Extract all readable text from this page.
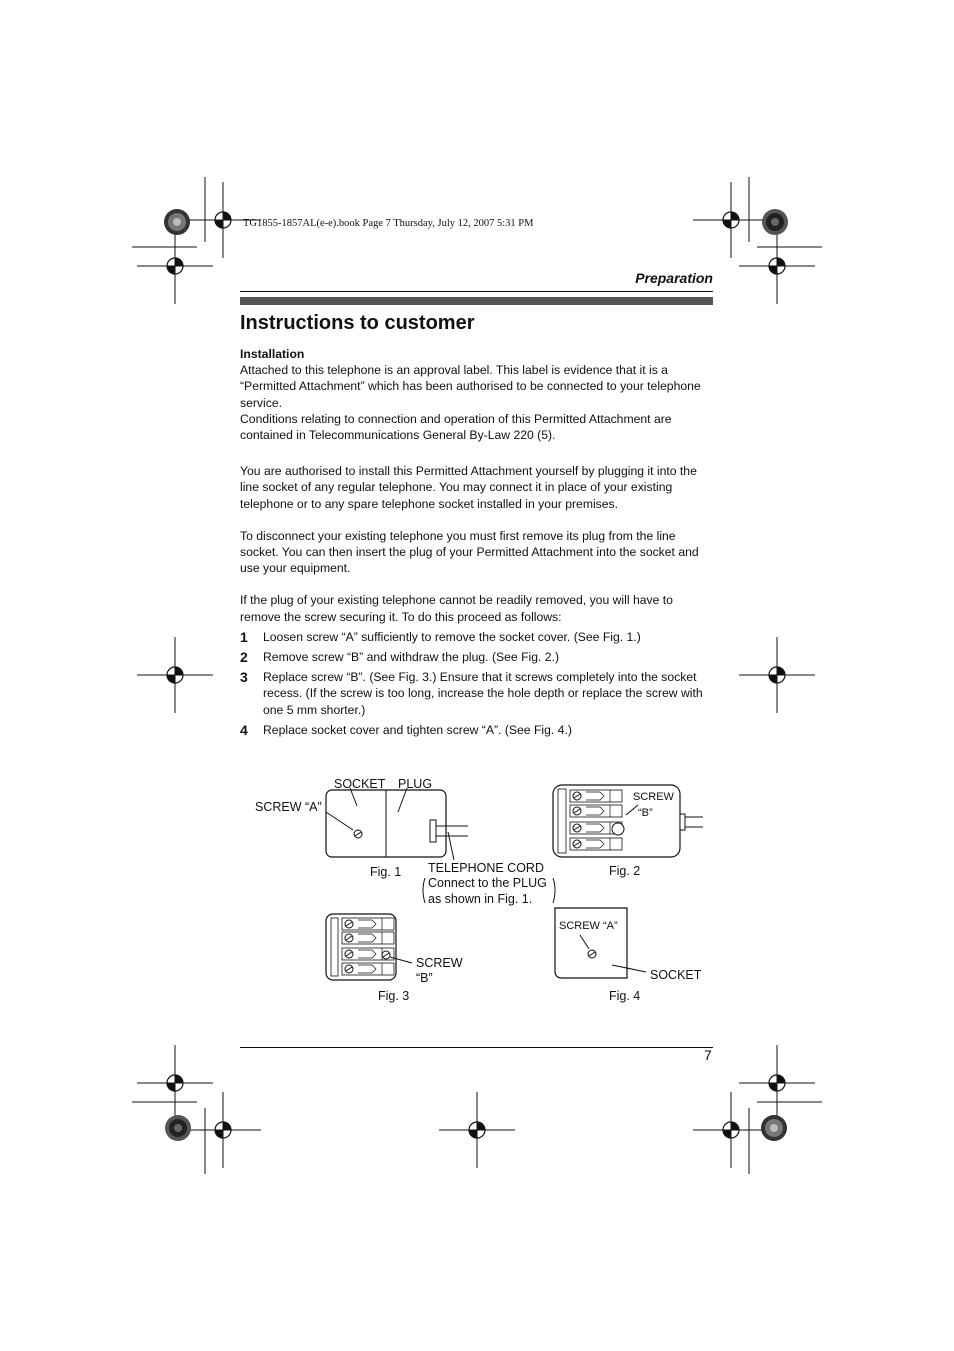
TG1855-1857AL(e-e).book Page 7 Thursday, July 12, 2007 5:31 PM
Preparation
Instructions to customer

Installation

Attached to this telephone is an approval label. This label is evidence that it is a “Permitted Attachment” which has been authorised to be connected to your telephone service.

Conditions relating to connection and operation of this Permitted Attachment are contained in Telecommunications General By-Law 220 (5).

You are authorised to install this Permitted Attachment yourself by plugging it into the line socket of any regular telephone. You may connect it in place of your existing telephone or to any spare telephone socket installed in your premises.

To disconnect your existing telephone you must first remove its plug from the line socket. You can then insert the plug of your Permitted Attachment into the socket and use your equipment.

If the plug of your existing telephone cannot be readily removed, you will have to remove the screw securing it. To do this proceed as follows:

1	Loosen screw “A” sufficiently to remove the socket cover. (See Fig. 1.)
2	Remove screw “B” and withdraw the plug. (See Fig. 2.)
3	Replace screw “B”. (See Fig. 3.) Ensure that it screws completely into the socket recess. (If the screw is too long, increase the hole depth or replace the screw with one 5 mm shorter.)
4	Replace socket cover and tighten screw “A”. (See Fig. 4.)
SOCKET PLUG
SCREW “A”
TELEPHONE CORD
Connect to the PLUG
as shown in Fig. 1.
Fig. 1
SCREW
“B”
Fig. 2
SCREW
“B”
Fig. 3
SCREW “A”
SOCKET
Fig. 4
7
